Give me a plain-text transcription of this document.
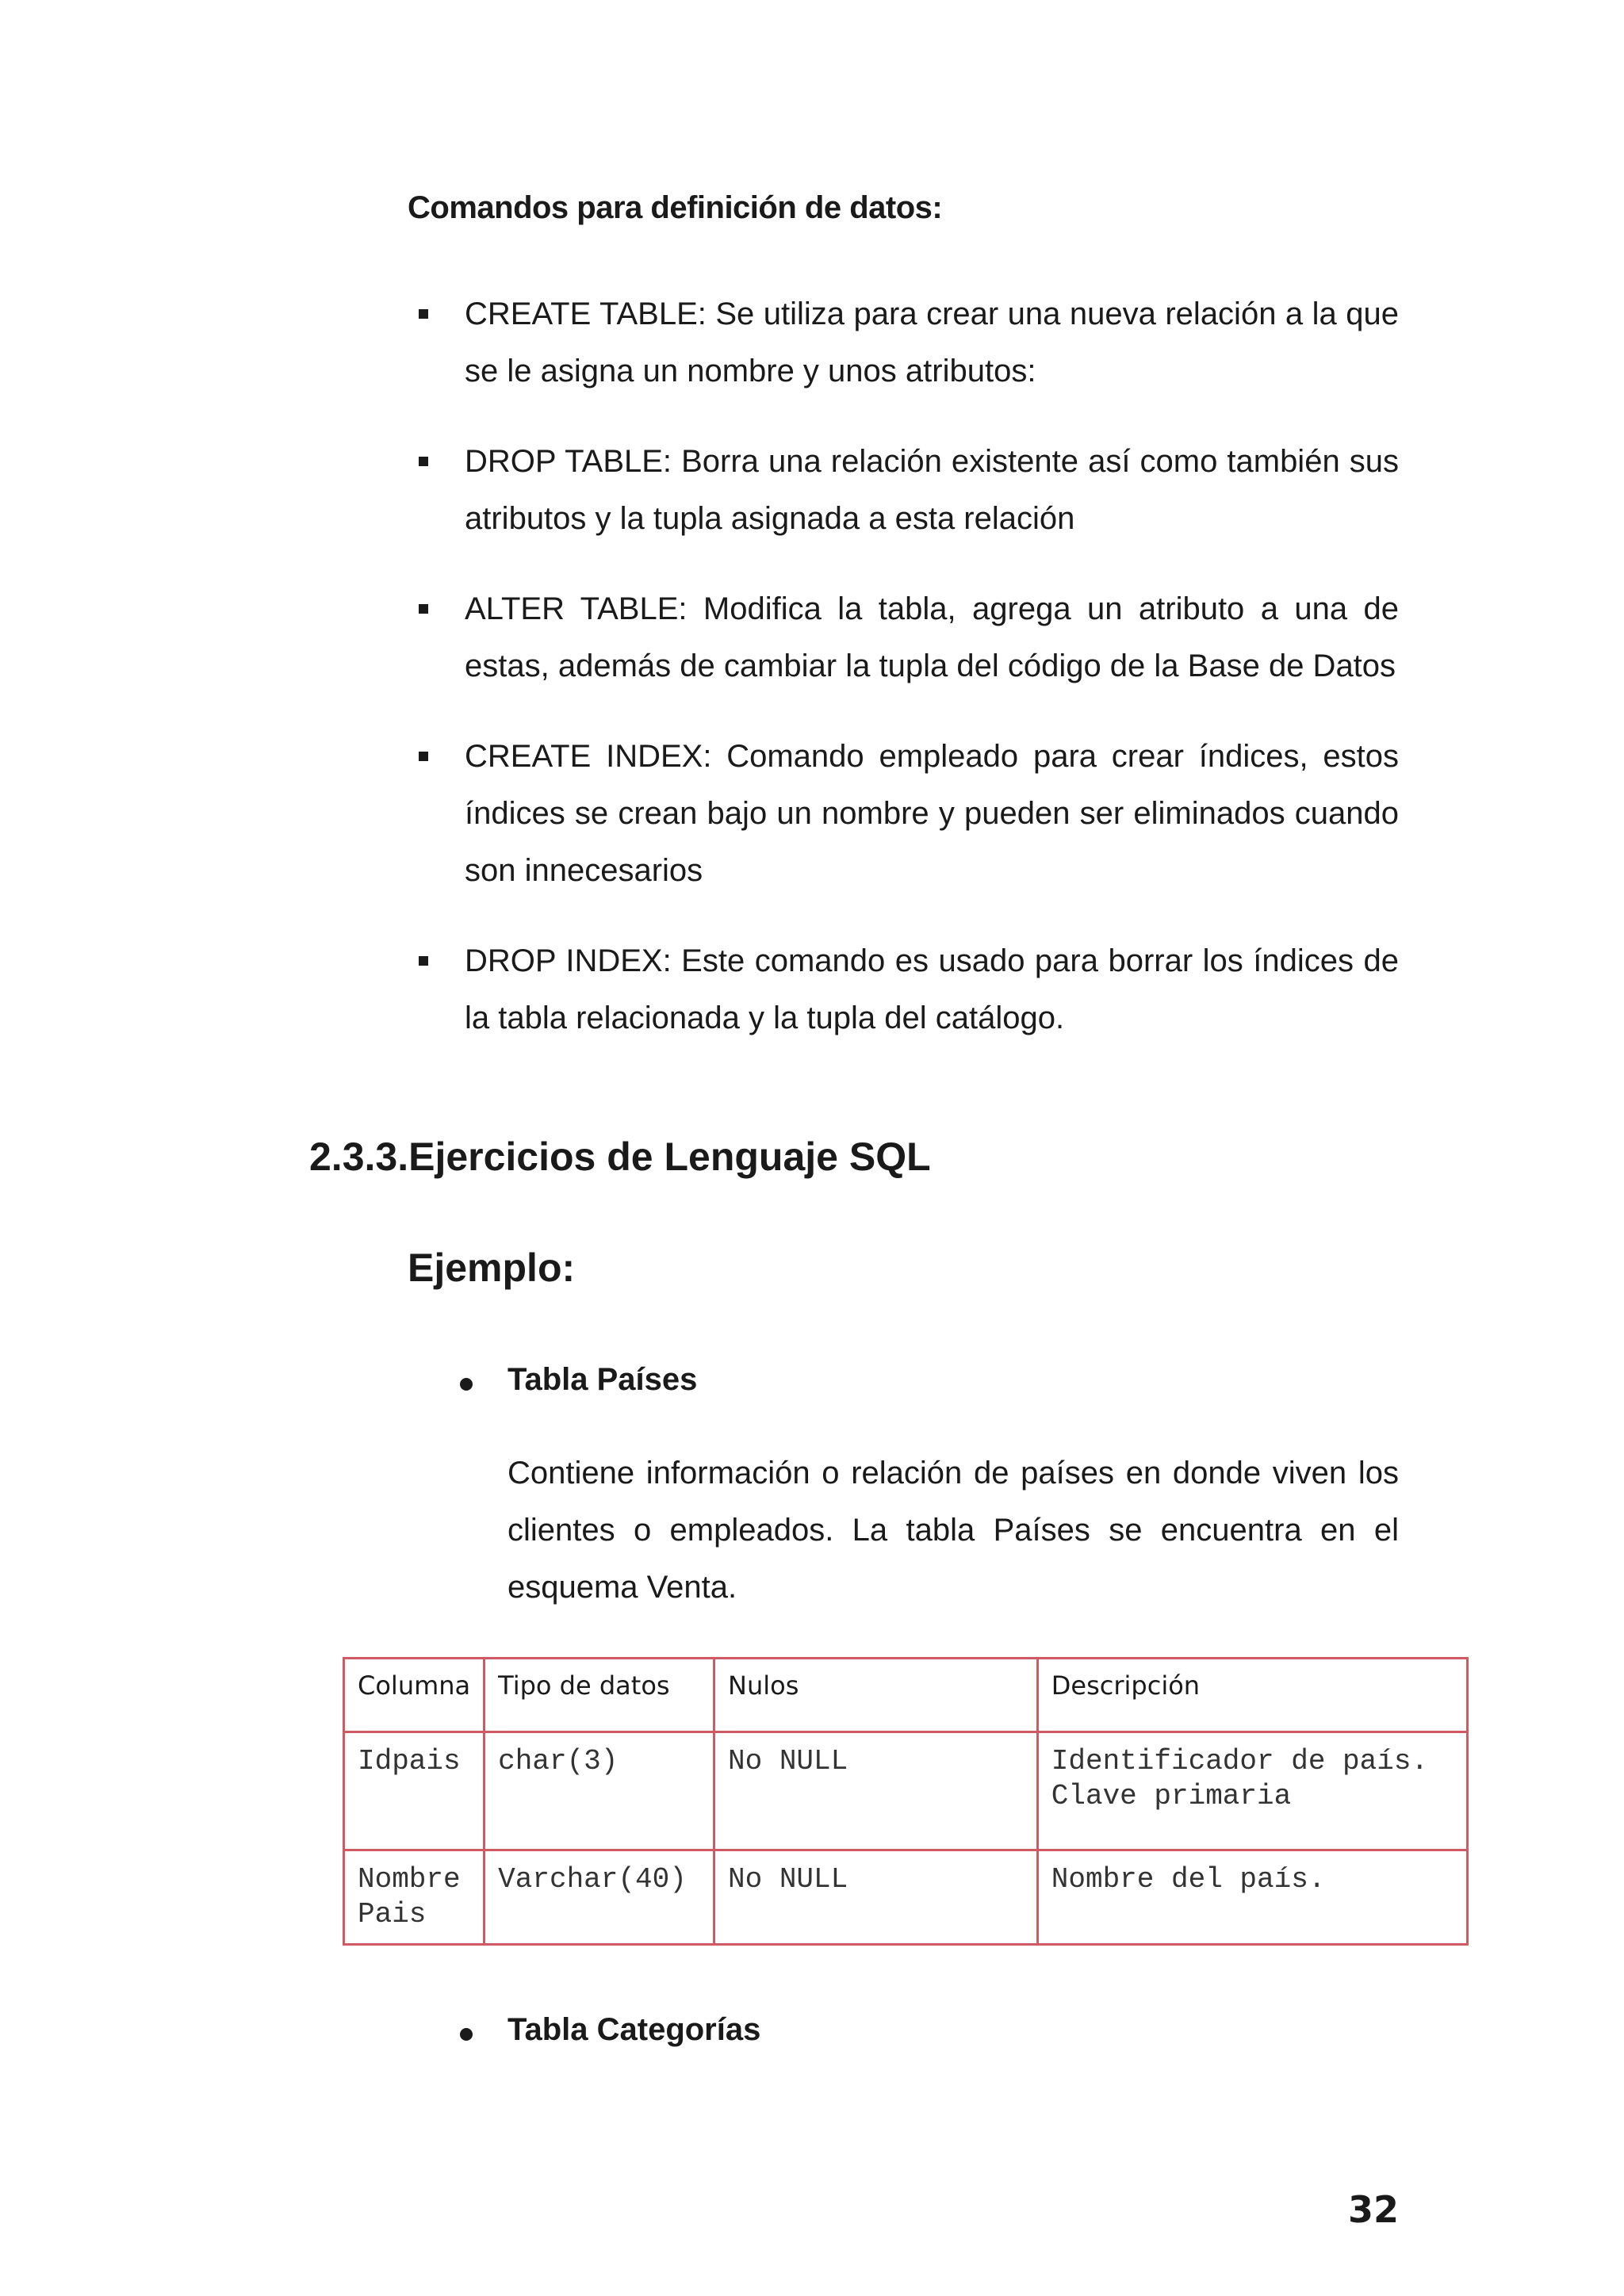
Comandos para definición de datos:
CREATE TABLE: Se utiliza para crear una nueva relación a la que se le asigna un nombre y unos atributos:
DROP TABLE: Borra una relación existente así como también sus atributos y la tupla asignada a esta relación
ALTER TABLE: Modifica la tabla, agrega un atributo a una de estas, además de cambiar la tupla del código de la Base de Datos
CREATE INDEX: Comando empleado para crear índices, estos índices se crean bajo un nombre y pueden ser eliminados cuando son innecesarios
DROP INDEX: Este comando es usado para borrar los índices de la tabla relacionada y la tupla del catálogo.
2.3.3.Ejercicios de Lenguaje SQL
Ejemplo:
Tabla Países
Contiene información o relación de países en donde viven los clientes o empleados. La tabla Países se encuentra en el esquema Venta.
Columna	Tipo de datos	Nulos	Descripción
Idpais	char(3)	No NULL	Identificador de país. Clave primaria
Nombre Pais	Varchar(40)	No NULL	Nombre del país.
Tabla Categorías
32
